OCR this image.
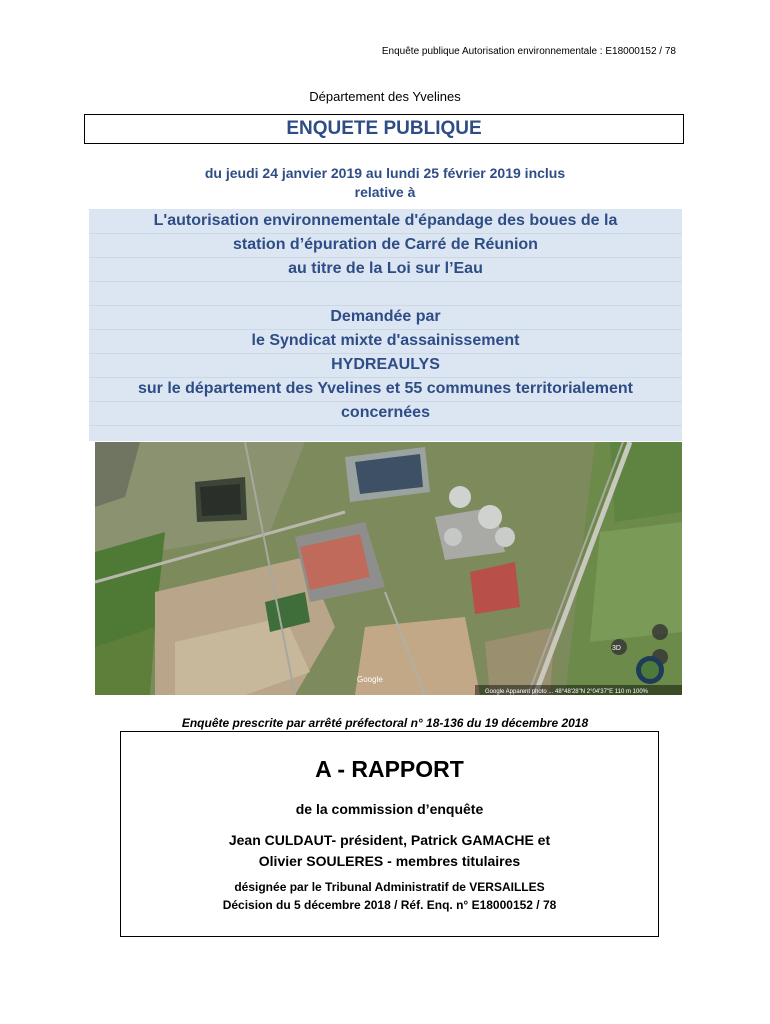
Enquête publique Autorisation environnementale : E18000152 / 78
Département des Yvelines
ENQUETE PUBLIQUE
du jeudi 24 janvier 2019 au lundi 25 février 2019 inclus
relative à
L'autorisation environnementale d'épandage des boues de la
station d’épuration de Carré de Réunion
au titre de la Loi sur l’Eau
Demandée par
le Syndicat mixte d'assainissement
HYDREAULYS
sur le département des Yvelines et 55 communes territorialement
concernées
Google
Google Apparent photo ... 48°48'28"N 2°04'37"E 110 m 100%
3D
Enquête prescrite par arrêté préfectoral n° 18-136 du 19 décembre 2018
A - RAPPORT
de la commission d’enquête
Jean CULDAUT- président, Patrick GAMACHE et
Olivier SOULERES - membres titulaires
désignée par le Tribunal Administratif de VERSAILLES
Décision du 5 décembre 2018 / Réf. Enq. n° E18000152 / 78
